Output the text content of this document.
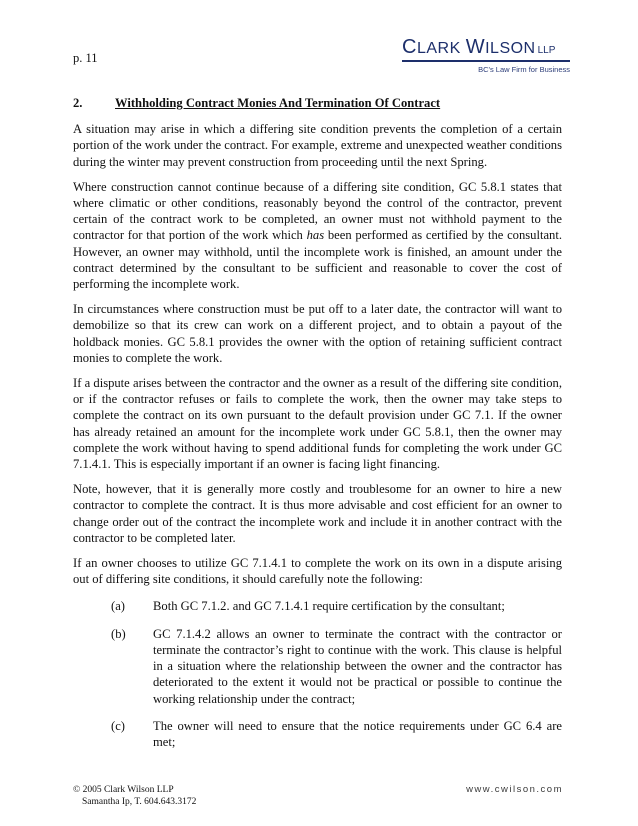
p. 11	CLARK WILSON LLP
BC's Law Firm for Business
2.	Withholding Contract Monies And Termination Of Contract

A situation may arise in which a differing site condition prevents the completion of a certain portion of the work under the contract. For example, extreme and unexpected weather conditions during the winter may prevent construction from proceeding until the next Spring.

Where construction cannot continue because of a differing site condition, GC 5.8.1 states that where climatic or other conditions, reasonably beyond the control of the contractor, prevent certain of the contract work to be completed, an owner must not withhold payment to the contractor for that portion of the work which has been performed as certified by the consultant. However, an owner may withhold, until the incomplete work is finished, an amount under the contract determined by the consultant to be sufficient and reasonable to cover the cost of performing the incomplete work.

In circumstances where construction must be put off to a later date, the contractor will want to demobilize so that its crew can work on a different project, and to obtain a payout of the holdback monies. GC 5.8.1 provides the owner with the option of retaining sufficient contract monies to complete the work.

If a dispute arises between the contractor and the owner as a result of the differing site condition, or if the contractor refuses or fails to complete the work, then the owner may take steps to complete the contract on its own pursuant to the default provision under GC 7.1. If the owner has already retained an amount for the incomplete work under GC 5.8.1, then the owner may complete the work without having to spend additional funds for completing the work under GC 7.1.4.1. This is especially important if an owner is facing light financing.

Note, however, that it is generally more costly and troublesome for an owner to hire a new contractor to complete the contract. It is thus more advisable and cost efficient for an owner to change order out of the contract the incomplete work and include it in another contract with the contractor to be completed later.

If an owner chooses to utilize GC 7.1.4.1 to complete the work on its own in a dispute arising out of differing site conditions, it should carefully note the following:

(a)	Both GC 7.1.2. and GC 7.1.4.1 require certification by the consultant;
(b)	GC 7.1.4.2 allows an owner to terminate the contract with the contractor or terminate the contractor’s right to continue with the work. This clause is helpful in a situation where the relationship between the owner and the contractor has deteriorated to the extent it would not be practical or possible to continue the working relationship under the contract;
(c)	The owner will need to ensure that the notice requirements under GC 6.4 are met;
© 2005 Clark Wilson LLP
Samantha Ip, T. 604.643.3172
www.cwilson.com
